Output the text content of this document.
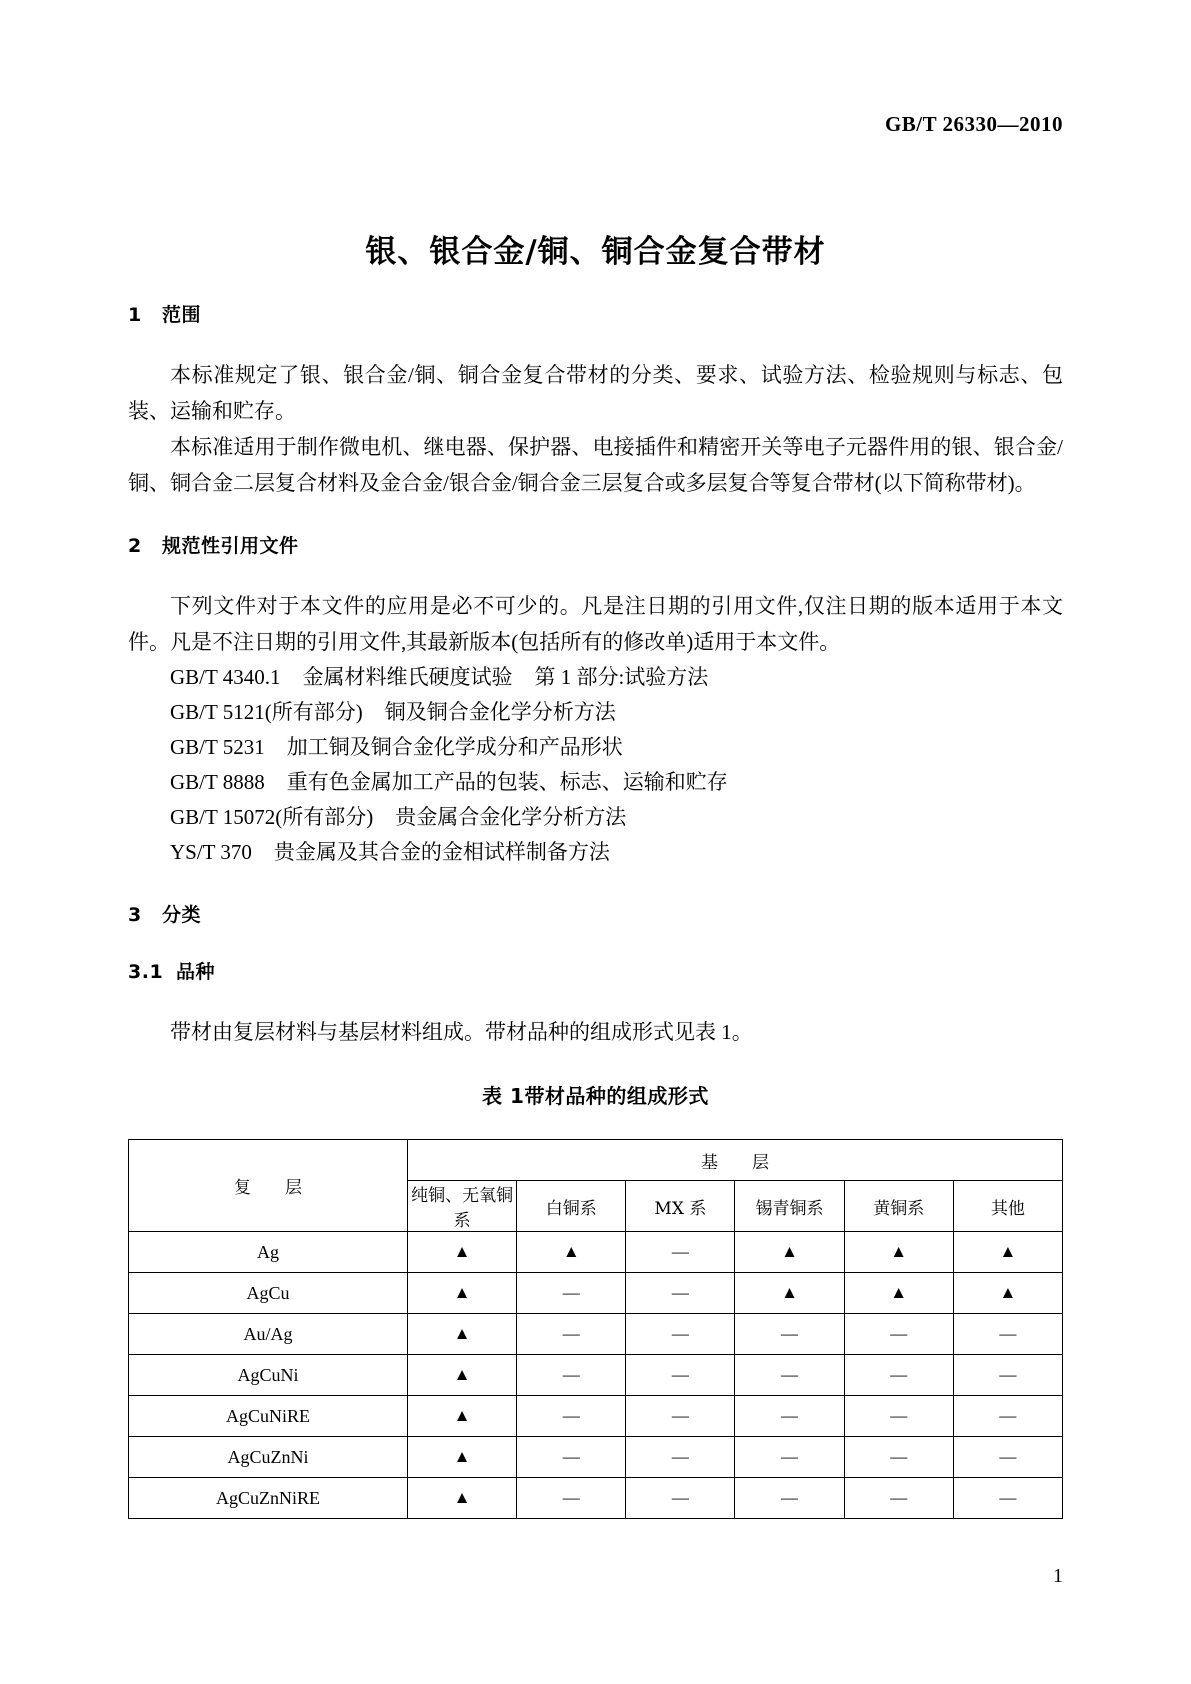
GB/T 26330—2010
银、银合金/铜、铜合金复合带材
1 范围

本标准规定了银、银合金/铜、铜合金复合带材的分类、要求、试验方法、检验规则与标志、包装、运输和贮存。

本标准适用于制作微电机、继电器、保护器、电接插件和精密开关等电子元器件用的银、银合金/铜、铜合金二层复合材料及金合金/银合金/铜合金三层复合或多层复合等复合带材(以下简称带材)。

2 规范性引用文件

下列文件对于本文件的应用是必不可少的。凡是注日期的引用文件,仅注日期的版本适用于本文件。凡是不注日期的引用文件,其最新版本(包括所有的修改单)适用于本文件。

GB/T 4340.1 金属材料维氏硬度试验 第 1 部分:试验方法
GB/T 5121(所有部分) 铜及铜合金化学分析方法
GB/T 5231 加工铜及铜合金化学成分和产品形状
GB/T 8888 重有色金属加工产品的包装、标志、运输和贮存
GB/T 15072(所有部分) 贵金属合金化学分析方法
YS/T 370 贵金属及其合金的金相试样制备方法
3 分类
3.1 品种

带材由复层材料与基层材料组成。带材品种的组成形式见表 1。

表 1带材品种的组成形式

复　　层	基　　层					
	纯铜、无氧铜系	白铜系	MX 系	锡青铜系	黄铜系	其他
Ag	▲	▲	—	▲	▲	▲
AgCu	▲	—	—	▲	▲	▲
Au/Ag	▲	—	—	—	—	—
AgCuNi	▲	—	—	—	—	—
AgCuNiRE	▲	—	—	—	—	—
AgCuZnNi	▲	—	—	—	—	—
AgCuZnNiRE	▲	—	—	—	—	—
1
